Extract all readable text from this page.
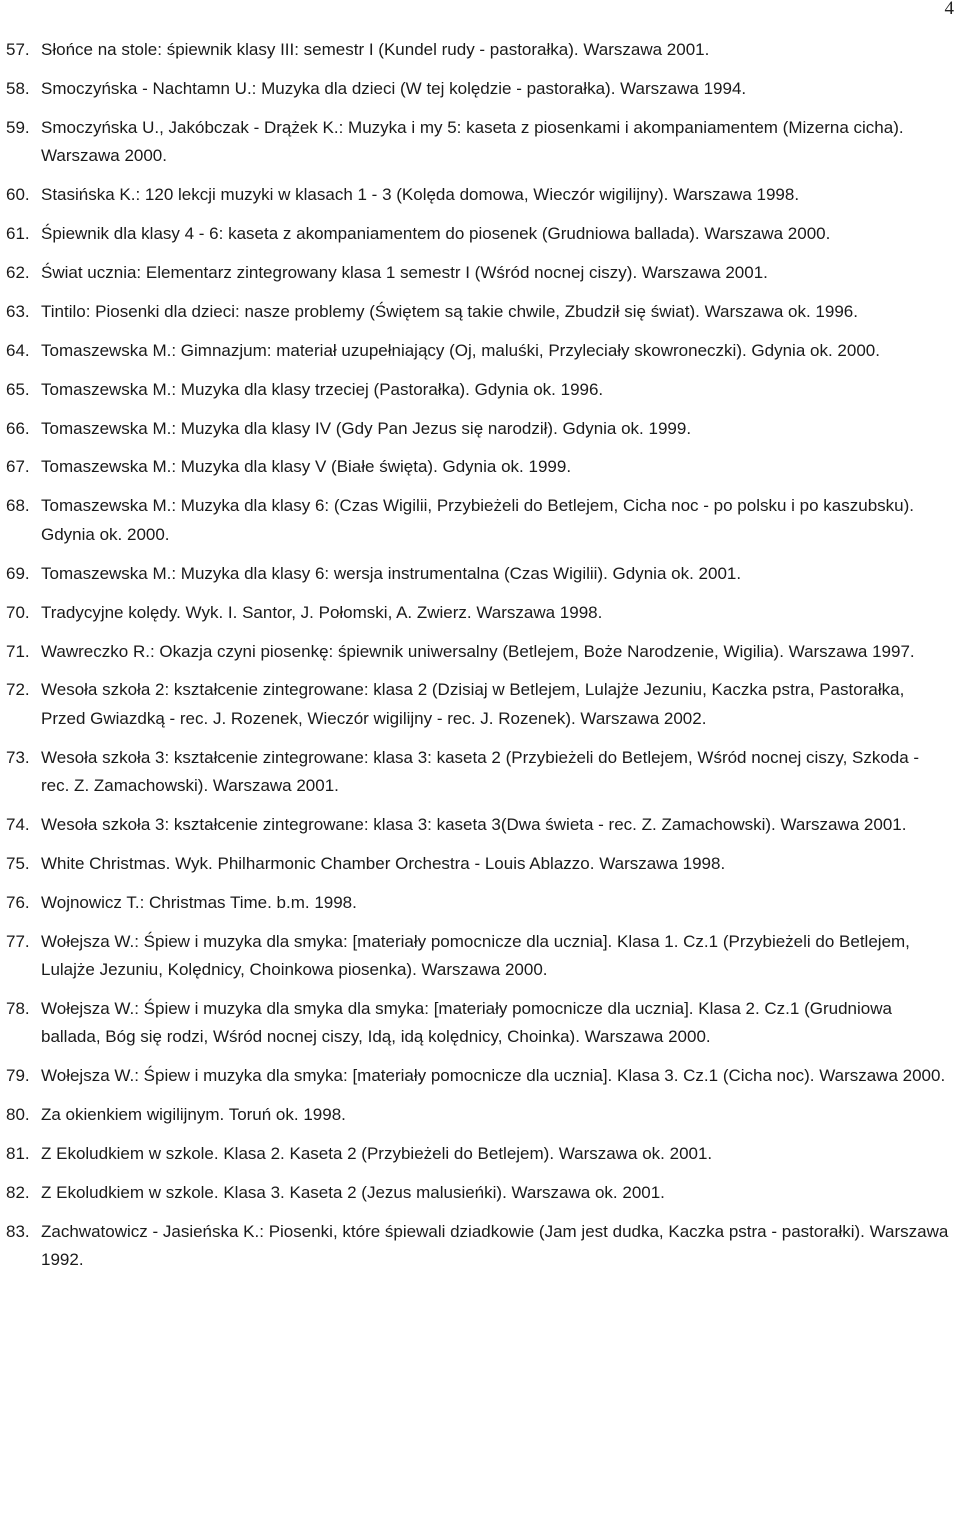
4
57. Słońce na stole: śpiewnik klasy III: semestr I (Kundel rudy - pastorałka). Warszawa 2001.
58. Smoczyńska - Nachtamn U.: Muzyka dla dzieci (W tej kolędzie - pastorałka). Warszawa 1994.
59. Smoczyńska U., Jakóbczak - Drążek K.: Muzyka i my 5: kaseta z piosenkami i akompaniamentem (Mizerna cicha). Warszawa 2000.
60. Stasińska K.: 120 lekcji muzyki w klasach 1 - 3 (Kolęda domowa, Wieczór wigilijny). Warszawa 1998.
61. Śpiewnik dla klasy 4 - 6: kaseta z akompaniamentem do piosenek (Grudniowa ballada). Warszawa 2000.
62. Świat ucznia: Elementarz zintegrowany klasa 1 semestr I (Wśród nocnej ciszy). Warszawa 2001.
63. Tintilo: Piosenki dla dzieci: nasze problemy (Świętem są takie chwile, Zbudził się świat). Warszawa ok. 1996.
64. Tomaszewska M.: Gimnazjum: materiał uzupełniający (Oj, maluśki, Przyleciały skowroneczki). Gdynia ok. 2000.
65. Tomaszewska M.: Muzyka dla klasy trzeciej (Pastorałka). Gdynia ok. 1996.
66. Tomaszewska M.: Muzyka dla klasy IV (Gdy Pan Jezus się narodził). Gdynia ok. 1999.
67. Tomaszewska M.: Muzyka dla klasy V (Białe święta). Gdynia ok. 1999.
68. Tomaszewska M.: Muzyka dla klasy 6: (Czas Wigilii, Przybieżeli do Betlejem, Cicha noc - po polsku i po kaszubsku). Gdynia ok. 2000.
69. Tomaszewska M.: Muzyka dla klasy 6: wersja instrumentalna (Czas Wigilii). Gdynia ok. 2001.
70. Tradycyjne kolędy. Wyk. I. Santor, J. Połomski, A. Zwierz. Warszawa 1998.
71. Wawreczko R.: Okazja czyni piosenkę: śpiewnik uniwersalny (Betlejem, Boże Narodzenie, Wigilia). Warszawa 1997.
72. Wesoła szkoła 2: kształcenie zintegrowane: klasa 2 (Dzisiaj w Betlejem, Lulajże Jezuniu, Kaczka pstra, Pastorałka, Przed Gwiazdką - rec. J. Rozenek, Wieczór wigilijny - rec. J. Rozenek). Warszawa 2002.
73. Wesoła szkoła 3: kształcenie zintegrowane: klasa 3: kaseta 2 (Przybieżeli do Betlejem, Wśród nocnej ciszy, Szkoda - rec. Z. Zamachowski). Warszawa 2001.
74. Wesoła szkoła 3: kształcenie zintegrowane: klasa 3: kaseta 3(Dwa świeta - rec. Z. Zamachowski). Warszawa 2001.
75. White Christmas. Wyk. Philharmonic Chamber Orchestra - Louis Ablazzo. Warszawa 1998.
76. Wojnowicz T.: Christmas Time. b.m. 1998.
77. Wołejsza W.: Śpiew i muzyka dla smyka: [materiały pomocnicze dla ucznia]. Klasa 1. Cz.1 (Przybieżeli do Betlejem, Lulajże Jezuniu, Kolędnicy, Choinkowa piosenka). Warszawa 2000.
78. Wołejsza W.: Śpiew i muzyka dla smyka dla smyka: [materiały pomocnicze dla ucznia]. Klasa 2. Cz.1 (Grudniowa ballada, Bóg się rodzi, Wśród nocnej ciszy, Idą, idą kolędnicy, Choinka). Warszawa 2000.
79. Wołejsza W.: Śpiew i muzyka dla smyka: [materiały pomocnicze dla ucznia]. Klasa 3. Cz.1 (Cicha noc). Warszawa 2000.
80. Za okienkiem wigilijnym. Toruń ok. 1998.
81. Z Ekoludkiem w szkole. Klasa 2. Kaseta 2 (Przybieżeli do Betlejem). Warszawa ok. 2001.
82. Z Ekoludkiem w szkole. Klasa 3. Kaseta 2 (Jezus malusieńki). Warszawa ok. 2001.
83. Zachwatowicz - Jasieńska K.: Piosenki, które śpiewali dziadkowie (Jam jest dudka, Kaczka pstra - pastorałki). Warszawa 1992.
